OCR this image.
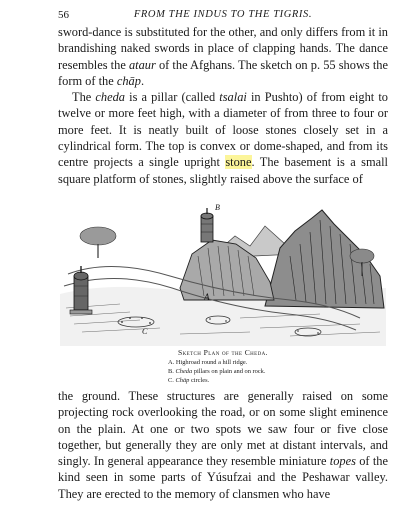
56	FROM THE INDUS TO THE TIGRIS.

sword-dance is substituted for the other, and only differs from it in brandishing naked swords in place of clapping hands. The dance resembles the ataur of the Afghans. The sketch on p. 55 shows the form of the chāp.

The cheda is a pillar (called tsalai in Pushto) of from eight to twelve or more feet high, with a diameter of from three to four or more feet. It is neatly built of loose stones closely set in a cylindrical form. The top is convex or dome-shaped, and from its centre projects a single upright stone. The basement is a small square platform of stones, slightly raised above the surface of

A
B
C
Sketch Plan of the Cheda.
A. Highroad round a hill ridge.
B. Cheda pillars on plain and on rock.
C. Chāp circles.

the ground. These structures are generally raised on some projecting rock overlooking the road, or on some slight eminence on the plain. At one or two spots we saw four or five close together, but generally they are only met at distant intervals, and singly. In general appearance they resemble miniature topes of the kind seen in some parts of Yúsufzai and the Peshawar valley. They are erected to the memory of clansmen who have
